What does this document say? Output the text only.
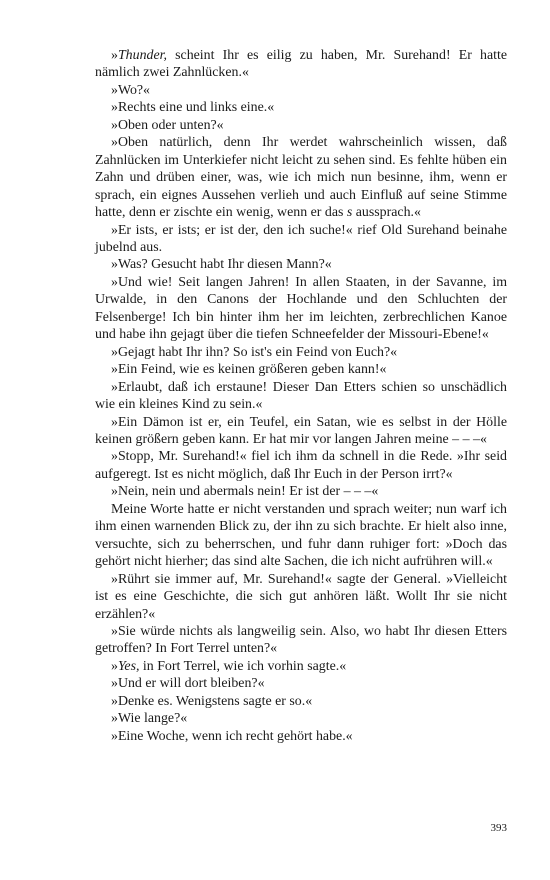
»Thunder, scheint Ihr es eilig zu haben, Mr. Surehand! Er hatte nämlich zwei Zahnlücken.«

»Wo?«

»Rechts eine und links eine.«

»Oben oder unten?«

»Oben natürlich, denn Ihr werdet wahrscheinlich wissen, daß Zahnlücken im Unterkiefer nicht leicht zu sehen sind. Es fehlte hüben ein Zahn und drüben einer, was, wie ich mich nun besinne, ihm, wenn er sprach, ein eignes Aussehen verlieh und auch Einfluß auf seine Stimme hatte, denn er zischte ein wenig, wenn er das s aussprach.«

»Er ists, er ists; er ist der, den ich suche!« rief Old Surehand beinahe jubelnd aus.

»Was? Gesucht habt Ihr diesen Mann?«

»Und wie! Seit langen Jahren! In allen Staaten, in der Savanne, im Urwalde, in den Canons der Hochlande und den Schluchten der Felsenberge! Ich bin hinter ihm her im leichten, zerbrechlichen Kanoe und habe ihn gejagt über die tiefen Schneefelder der Missouri-Ebene!«

»Gejagt habt Ihr ihn? So ist's ein Feind von Euch?«

»Ein Feind, wie es keinen größeren geben kann!«

»Erlaubt, daß ich erstaune! Dieser Dan Etters schien so unschädlich wie ein kleines Kind zu sein.«

»Ein Dämon ist er, ein Teufel, ein Satan, wie es selbst in der Hölle keinen größern geben kann. Er hat mir vor langen Jahren meine – – –«

»Stopp, Mr. Surehand!« fiel ich ihm da schnell in die Rede. »Ihr seid aufgeregt. Ist es nicht möglich, daß Ihr Euch in der Person irrt?«

»Nein, nein und abermals nein! Er ist der – – –«

Meine Worte hatte er nicht verstanden und sprach weiter; nun warf ich ihm einen warnenden Blick zu, der ihn zu sich brachte. Er hielt also inne, versuchte, sich zu beherrschen, und fuhr dann ruhiger fort: »Doch das gehört nicht hierher; das sind alte Sachen, die ich nicht aufrühren will.«

»Rührt sie immer auf, Mr. Surehand!« sagte der General. »Vielleicht ist es eine Geschichte, die sich gut anhören läßt. Wollt Ihr sie nicht erzählen?«

»Sie würde nichts als langweilig sein. Also, wo habt Ihr diesen Etters getroffen? In Fort Terrel unten?«

»Yes, in Fort Terrel, wie ich vorhin sagte.«

»Und er will dort bleiben?«

»Denke es. Wenigstens sagte er so.«

»Wie lange?«

»Eine Woche, wenn ich recht gehört habe.«

393
